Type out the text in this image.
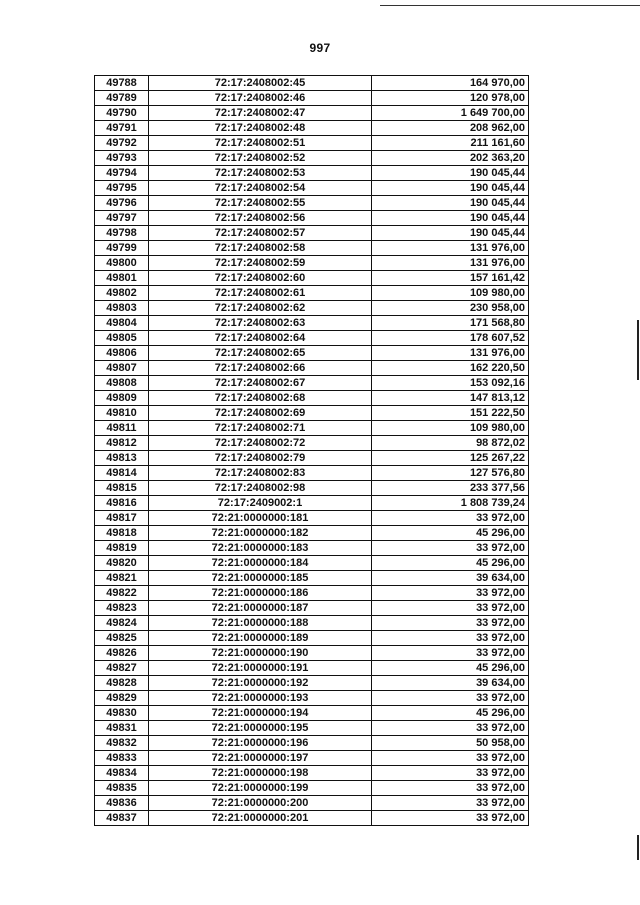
997
49788	72:17:2408002:45	164 970,00
49789	72:17:2408002:46	120 978,00
49790	72:17:2408002:47	1 649 700,00
49791	72:17:2408002:48	208 962,00
49792	72:17:2408002:51	211 161,60
49793	72:17:2408002:52	202 363,20
49794	72:17:2408002:53	190 045,44
49795	72:17:2408002:54	190 045,44
49796	72:17:2408002:55	190 045,44
49797	72:17:2408002:56	190 045,44
49798	72:17:2408002:57	190 045,44
49799	72:17:2408002:58	131 976,00
49800	72:17:2408002:59	131 976,00
49801	72:17:2408002:60	157 161,42
49802	72:17:2408002:61	109 980,00
49803	72:17:2408002:62	230 958,00
49804	72:17:2408002:63	171 568,80
49805	72:17:2408002:64	178 607,52
49806	72:17:2408002:65	131 976,00
49807	72:17:2408002:66	162 220,50
49808	72:17:2408002:67	153 092,16
49809	72:17:2408002:68	147 813,12
49810	72:17:2408002:69	151 222,50
49811	72:17:2408002:71	109 980,00
49812	72:17:2408002:72	98 872,02
49813	72:17:2408002:79	125 267,22
49814	72:17:2408002:83	127 576,80
49815	72:17:2408002:98	233 377,56
49816	72:17:2409002:1	1 808 739,24
49817	72:21:0000000:181	33 972,00
49818	72:21:0000000:182	45 296,00
49819	72:21:0000000:183	33 972,00
49820	72:21:0000000:184	45 296,00
49821	72:21:0000000:185	39 634,00
49822	72:21:0000000:186	33 972,00
49823	72:21:0000000:187	33 972,00
49824	72:21:0000000:188	33 972,00
49825	72:21:0000000:189	33 972,00
49826	72:21:0000000:190	33 972,00
49827	72:21:0000000:191	45 296,00
49828	72:21:0000000:192	39 634,00
49829	72:21:0000000:193	33 972,00
49830	72:21:0000000:194	45 296,00
49831	72:21:0000000:195	33 972,00
49832	72:21:0000000:196	50 958,00
49833	72:21:0000000:197	33 972,00
49834	72:21:0000000:198	33 972,00
49835	72:21:0000000:199	33 972,00
49836	72:21:0000000:200	33 972,00
49837	72:21:0000000:201	33 972,00
